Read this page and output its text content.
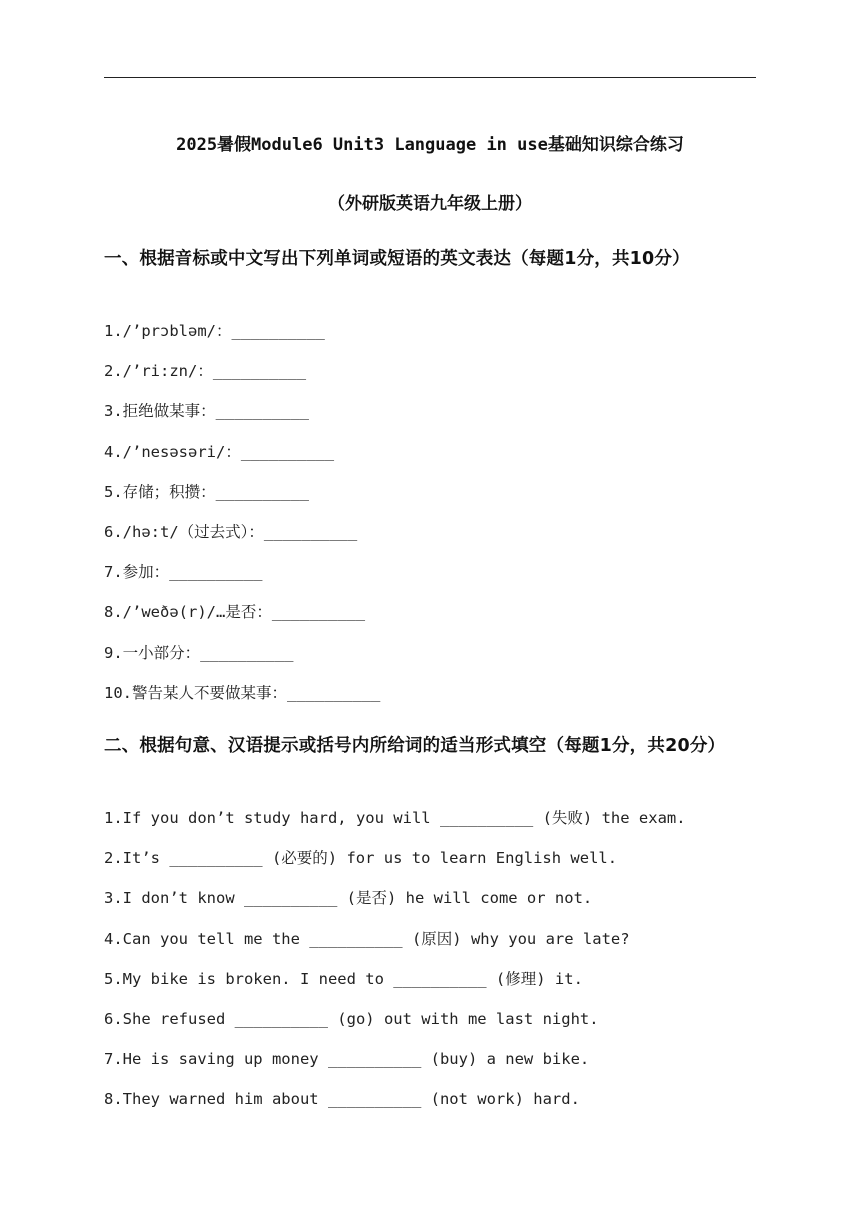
2025暑假Module6 Unit3 Language in use基础知识综合练习
（外研版英语九年级上册）
一、根据音标或中文写出下列单词或短语的英文表达（每题1分，共10分）
1./’prɔbləm/：__________
2./’ri:zn/：__________
3.拒绝做某事：__________
4./’nesəsəri/：__________
5.存储；积攒：__________
6./hə:t/（过去式）：__________
7.参加：__________
8./’weðə(r)/…是否：__________
9.一小部分：__________
10.警告某人不要做某事：__________
二、根据句意、汉语提示或括号内所给词的适当形式填空（每题1分，共20分）
1.If you don’t study hard, you will __________ (失败) the exam.
2.It’s __________ (必要的) for us to learn English well.
3.I don’t know __________ (是否) he will come or not.
4.Can you tell me the __________ (原因) why you are late?
5.My bike is broken. I need to __________ (修理) it.
6.She refused __________ (go) out with me last night.
7.He is saving up money __________ (buy) a new bike.
8.They warned him about __________ (not work) hard.
